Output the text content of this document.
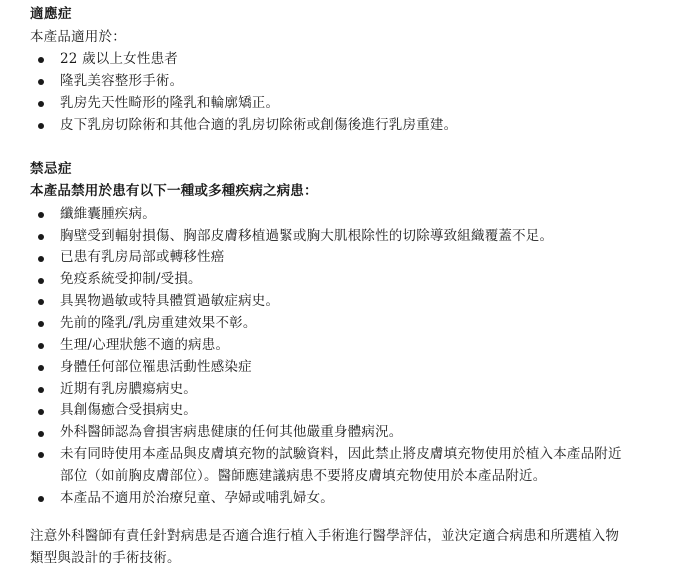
適應症

本產品適用於：

22 歲以上女性患者
隆乳美容整形手術。
乳房先天性畸形的隆乳和輪廓矯正。
皮下乳房切除術和其他合適的乳房切除術或創傷後進行乳房重建。
禁忌症

本產品禁用於患有以下一種或多種疾病之病患：

纖維囊腫疾病。
胸壁受到輻射損傷、胸部皮膚移植過緊或胸大肌根除性的切除導致組織覆蓋不足。
已患有乳房局部或轉移性癌
免疫系統受抑制/受損。
具異物過敏或特具體質過敏症病史。
先前的隆乳/乳房重建效果不彰。
生理/心理狀態不適的病患。
身體任何部位罹患活動性感染症
近期有乳房膿瘍病史。
具創傷癒合受損病史。
外科醫師認為會損害病患健康的任何其他嚴重身體病況。
未有同時使用本產品與皮膚填充物的試驗資料，因此禁止將皮膚填充物使用於植入本產品附近
部位（如前胸皮膚部位）。醫師應建議病患不要將皮膚填充物使用於本產品附近。
本產品不適用於治療兒童、孕婦或哺乳婦女。

注意外科醫師有責任針對病患是否適合進行植入手術進行醫學評估，並決定適合病患和所選植入物
類型與設計的手術技術。
